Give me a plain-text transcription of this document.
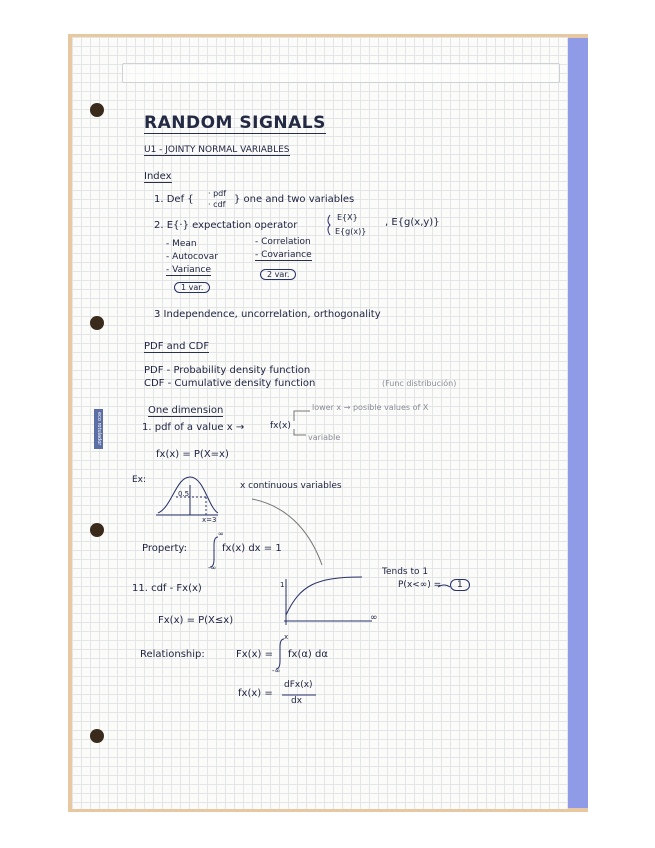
eco rotulador
RANDOM SIGNALS
U1 - JOINTY NORMAL VARIABLES
Index
1. Def {
· pdf
· cdf } one and two variables
2. E{·} expectation operator
E{X}
E{g(x)}
, E{g(x,y)}
- Mean
- Autocovar
- Variance
- Correlation
- Covariance
1 var.
2 var.
3 Independence, uncorrelation, orthogonality
PDF and CDF
PDF - Probability density function
CDF - Cumulative density function	(Func distribución)
One dimension
1. pdf of a value x →	fx(x)
lower x → posible values of X
variable
fx(x) = P(X=x)
Ex:
0.5
x=3
x continuous variables
Property:
∞
-∞
fx(x) dx = 1
11. cdf - Fx(x)
Fx(x) = P(X≤x)
Tends to 1
P(x<∞) =	1
∞
1
Relationship:	Fx(x) =
x
-∞
fx(α) dα
fx(x) =
dFx(x)
dx
